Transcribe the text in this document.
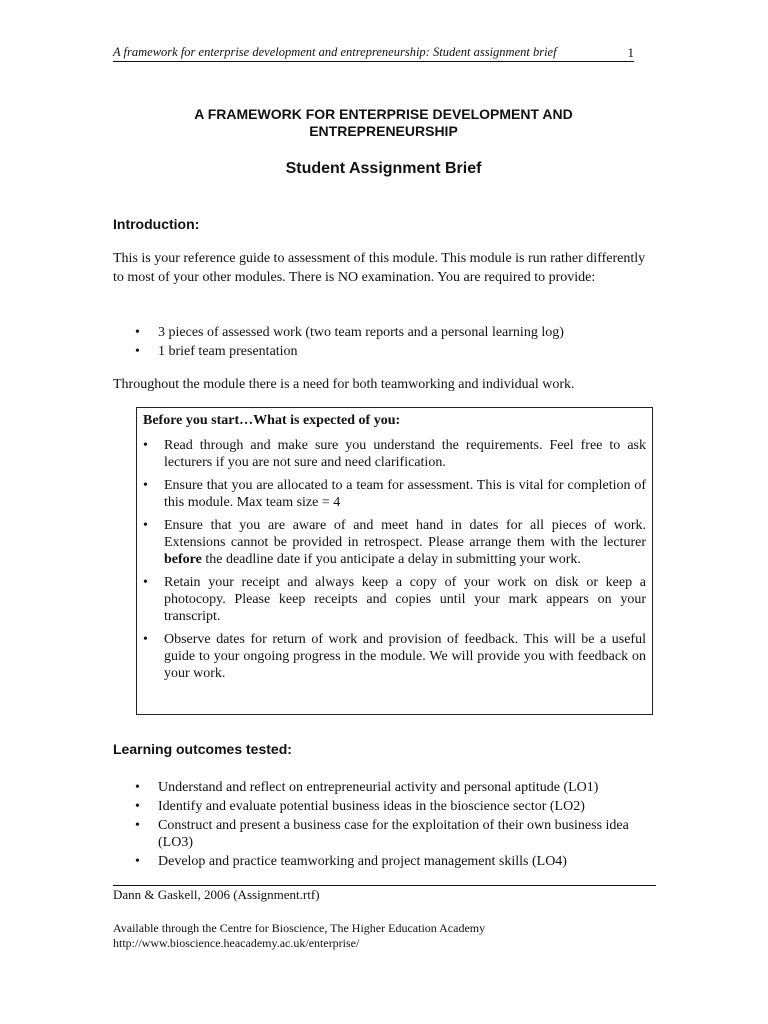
A framework for enterprise development and entrepreneurship: Student assignment brief	1
A FRAMEWORK FOR ENTERPRISE DEVELOPMENT AND
ENTREPRENEURSHIP
Student Assignment Brief
Introduction:
This is your reference guide to assessment of this module. This module is run rather differently to most of your other modules. There is NO examination. You are required to provide:
• 3 pieces of assessed work (two team reports and a personal learning log)
• 1 brief team presentation
Throughout the module there is a need for both teamworking and individual work.
Before you start…What is expected of you:
• Read through and make sure you understand the requirements. Feel free to ask lecturers if you are not sure and need clarification.
• Ensure that you are allocated to a team for assessment. This is vital for completion of this module. Max team size = 4
• Ensure that you are aware of and meet hand in dates for all pieces of work. Extensions cannot be provided in retrospect. Please arrange them with the lecturer before the deadline date if you anticipate a delay in submitting your work.
• Retain your receipt and always keep a copy of your work on disk or keep a photocopy. Please keep receipts and copies until your mark appears on your transcript.
• Observe dates for return of work and provision of feedback. This will be a useful guide to your ongoing progress in the module. We will provide you with feedback on your work.
Learning outcomes tested:
• Understand and reflect on entrepreneurial activity and personal aptitude (LO1)
• Identify and evaluate potential business ideas in the bioscience sector (LO2)
• Construct and present a business case for the exploitation of their own business idea (LO3)
• Develop and practice teamworking and project management skills (LO4)
Dann & Gaskell, 2006 (Assignment.rtf)
Available through the Centre for Bioscience, The Higher Education Academy
http://www.bioscience.heacademy.ac.uk/enterprise/
